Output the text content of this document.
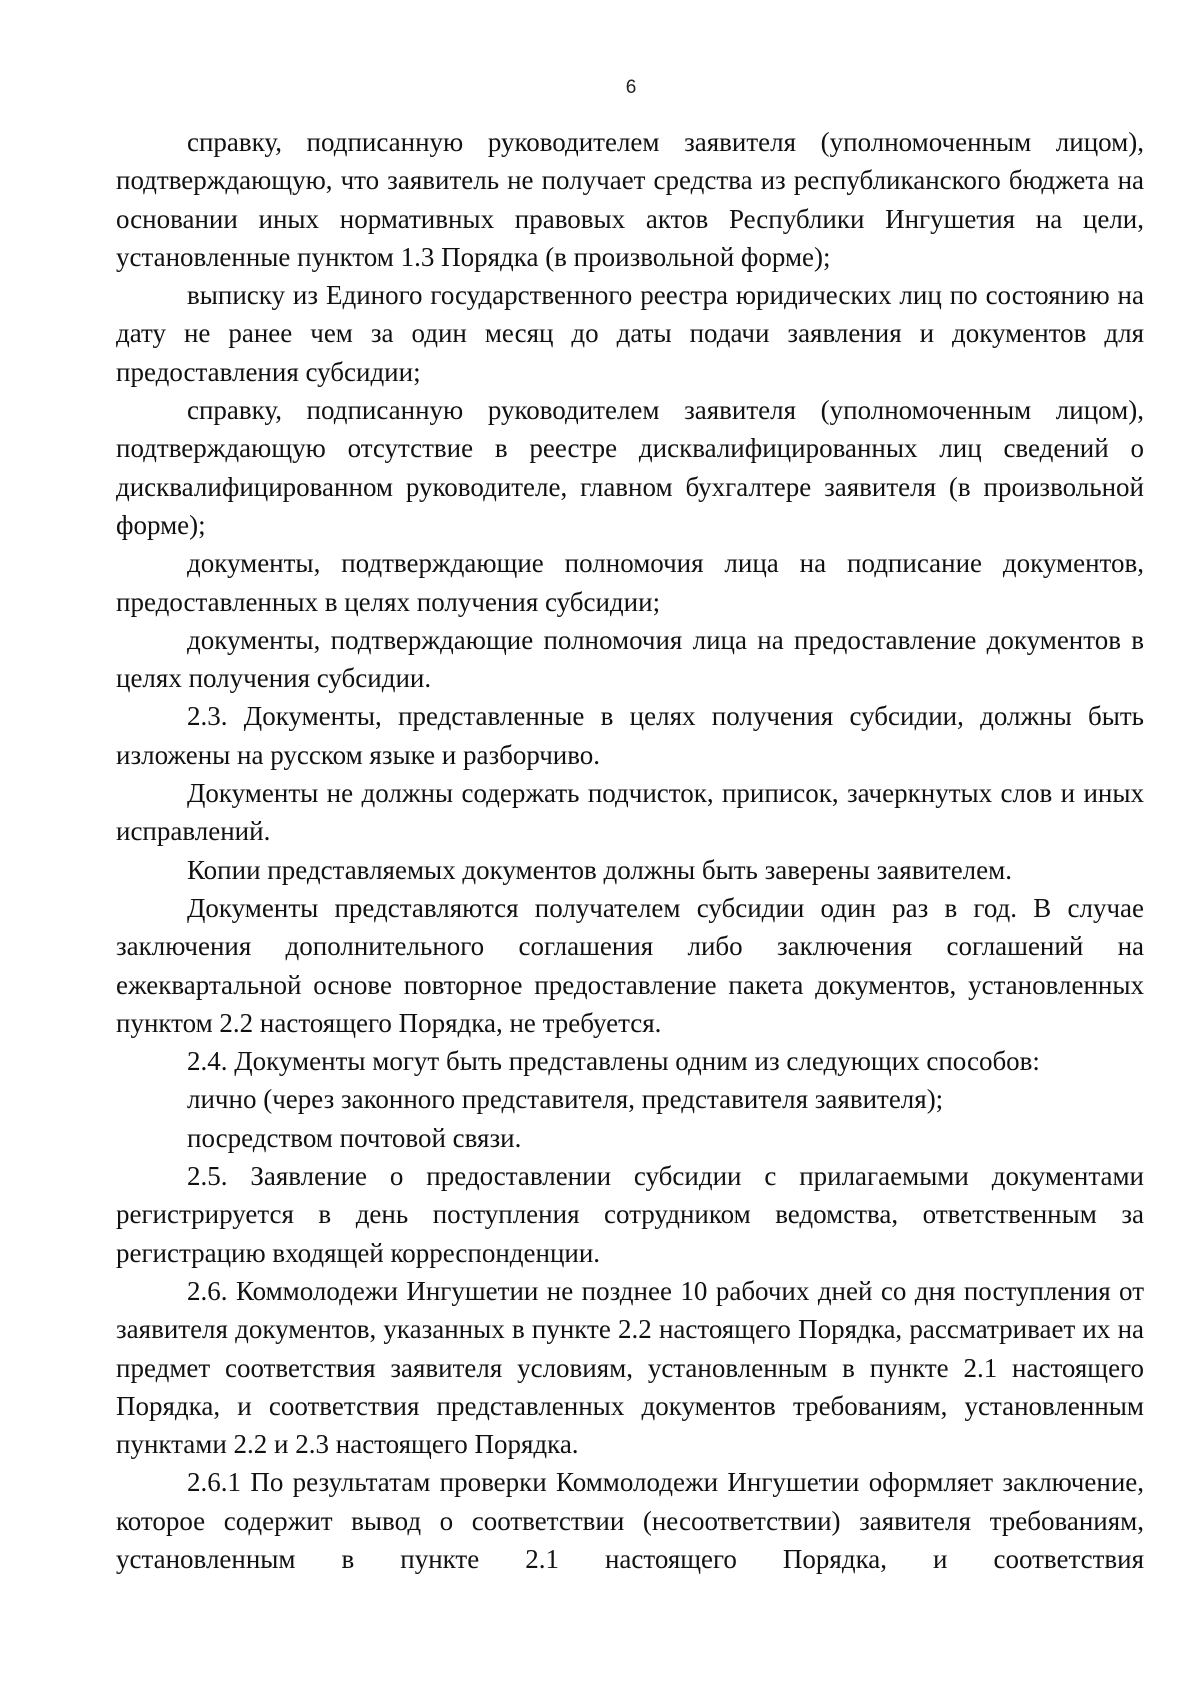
6

справку, подписанную руководителем заявителя (уполномоченным лицом), подтверждающую, что заявитель не получает средства из республиканского бюджета на основании иных нормативных правовых актов Республики Ингушетия на цели, установленные пунктом 1.3 Порядка (в произвольной форме);

выписку из Единого государственного реестра юридических лиц по состоянию на дату не ранее чем за один месяц до даты подачи заявления и документов для предоставления субсидии;

справку, подписанную руководителем заявителя (уполномоченным лицом), подтверждающую отсутствие в реестре дисквалифицированных лиц сведений о дисквалифицированном руководителе, главном бухгалтере заявителя (в произвольной форме);

документы, подтверждающие полномочия лица на подписание документов, предоставленных в целях получения субсидии;

документы, подтверждающие полномочия лица на предоставление документов в целях получения субсидии.

2.3. Документы, представленные в целях получения субсидии, должны быть изложены на русском языке и разборчиво.

Документы не должны содержать подчисток, приписок, зачеркнутых слов и иных исправлений.

Копии представляемых документов должны быть заверены заявителем.

Документы представляются получателем субсидии один раз в год. В случае заключения дополнительного соглашения либо заключения соглашений на ежеквартальной основе повторное предоставление пакета документов, установленных пунктом 2.2 настоящего Порядка, не требуется.

2.4. Документы могут быть представлены одним из следующих способов:

лично (через законного представителя, представителя заявителя);

посредством почтовой связи.

2.5. Заявление о предоставлении субсидии с прилагаемыми документами регистрируется в день поступления сотрудником ведомства, ответственным за регистрацию входящей корреспонденции.

2.6. Коммолодежи Ингушетии не позднее 10 рабочих дней со дня поступления от заявителя документов, указанных в пункте 2.2 настоящего Порядка, рассматривает их на предмет соответствия заявителя условиям, установленным в пункте 2.1 настоящего Порядка, и соответствия представленных документов требованиям, установленным пунктами 2.2 и 2.3 настоящего Порядка.

2.6.1 По результатам проверки Коммолодежи Ингушетии оформляет заключение, которое содержит вывод о соответствии (несоответствии) заявителя требованиям, установленным в пункте 2.1 настоящего Порядка, и соответствия
